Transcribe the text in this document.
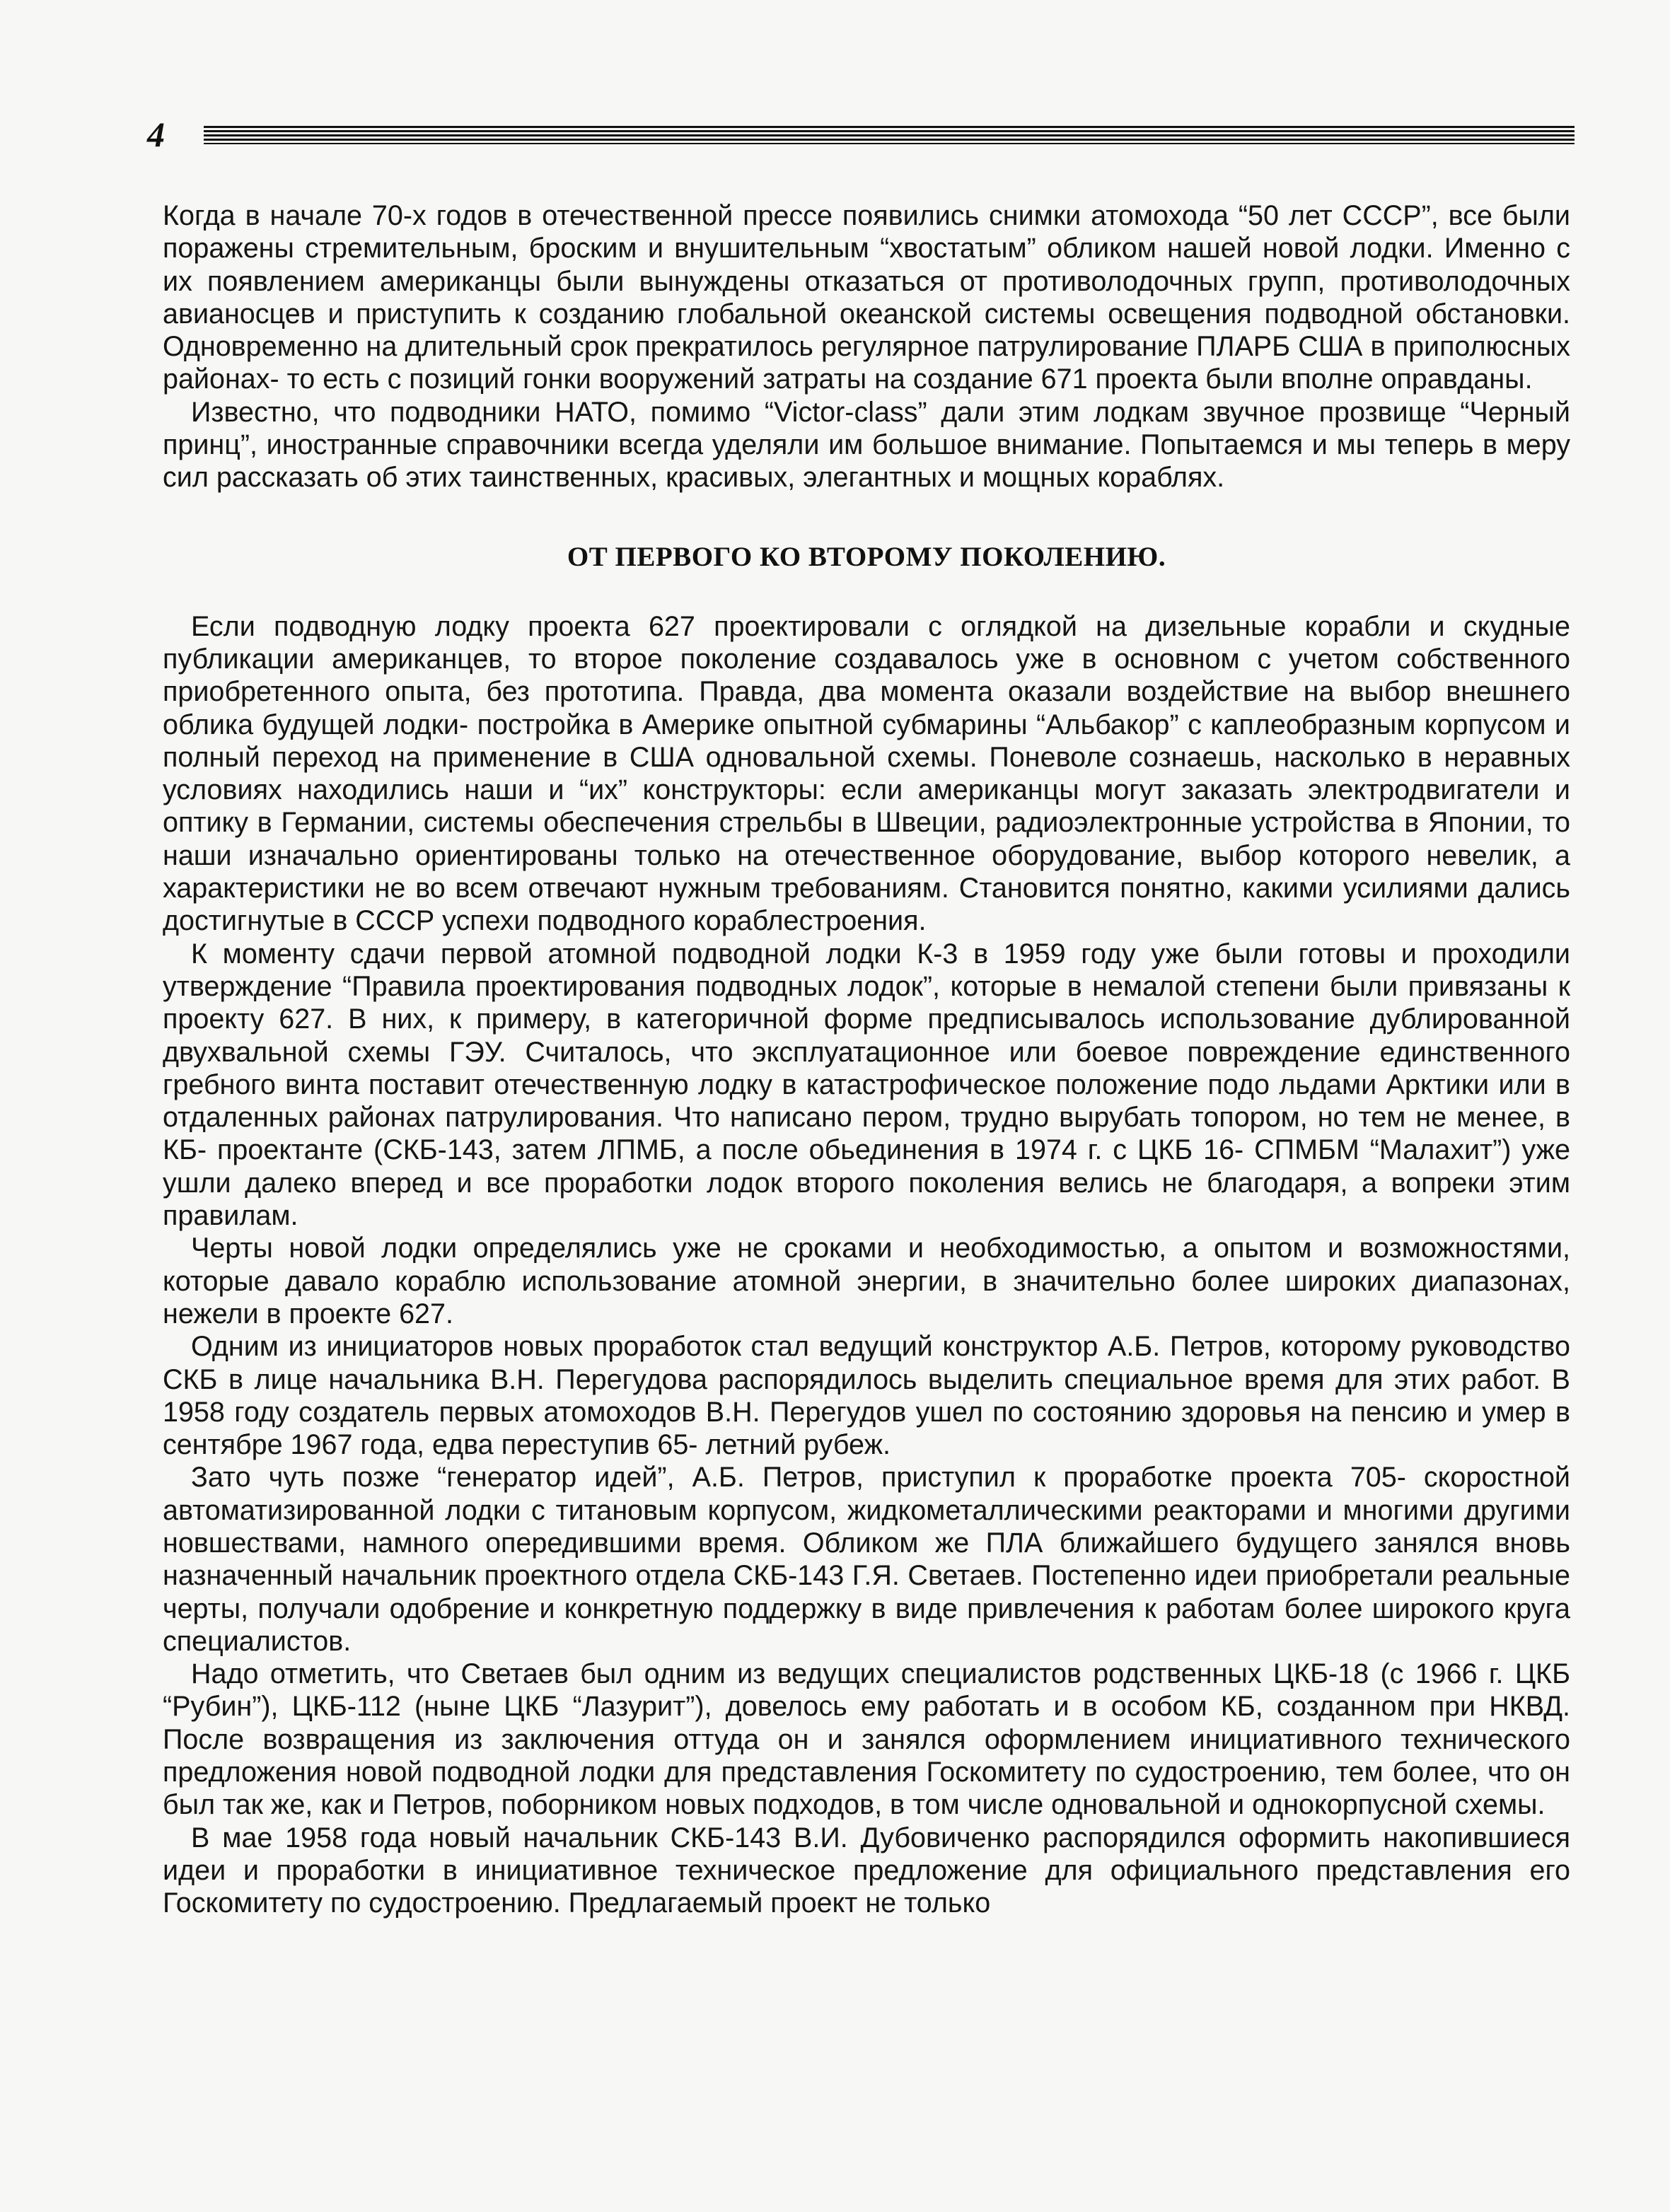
4

Когда в начале 70-х годов в отечественной прессе появились снимки атомохода “50 лет СССР”, все были поражены стремительным, броским и внушительным “хвостатым” обликом нашей новой лодки. Именно с их появлением американцы были вынуждены отказаться от противолодочных групп, противолодочных авианосцев и приступить к созданию глобальной океанской системы освещения подводной обстановки. Одновременно на длительный срок прекратилось регулярное патрулирование ПЛАРБ США в приполюсных районах- то есть с позиций гонки вооружений затраты на создание 671 проекта были вполне оправданы.

Известно, что подводники НАТО, помимо “Victor-class” дали этим лодкам звучное прозвище “Черный принц”, иностранные справочники всегда уделяли им большое внимание. Попытаемся и мы теперь в меру сил рассказать об этих таинственных, красивых, элегантных и мощных кораблях.

ОТ ПЕРВОГО КО ВТОРОМУ ПОКОЛЕНИЮ.

Если подводную лодку проекта 627 проектировали с оглядкой на дизельные корабли и скудные публикации американцев, то второе поколение создавалось уже в основном с учетом собственного приобретенного опыта, без прототипа. Правда, два момента оказали воздействие на выбор внешнего облика будущей лодки- постройка в Америке опытной субмарины “Альбакор” с каплеобразным корпусом и полный переход на применение в США одновальной схемы. Поневоле сознаешь, насколько в неравных условиях находились наши и “их” конструкторы: если американцы могут заказать электродвигатели и оптику в Германии, системы обеспечения стрельбы в Швеции, радиоэлектронные устройства в Японии, то наши изначально ориентированы только на отечественное оборудование, выбор которого невелик, а характеристики не во всем отвечают нужным требованиям. Становится понятно, какими усилиями дались достигнутые в СССР успехи подводного кораблестроения.

К моменту сдачи первой атомной подводной лодки К-3 в 1959 году уже были готовы и проходили утверждение “Правила проектирования подводных лодок”, которые в немалой степени были привязаны к проекту 627. В них, к примеру, в категоричной форме предписывалось использование дублированной двухвальной схемы ГЭУ. Считалось, что эксплуатационное или боевое повреждение единственного гребного винта поставит отечественную лодку в катастрофическое положение подо льдами Арктики или в отдаленных районах патрулирования. Что написано пером, трудно вырубать топором, но тем не менее, в КБ- проектанте (СКБ-143, затем ЛПМБ, а после обьединения в 1974 г. с ЦКБ 16- СПМБМ “Малахит”) уже ушли далеко вперед и все проработки лодок второго поколения велись не благодаря, а вопреки этим правилам.

Черты новой лодки определялись уже не сроками и необходимостью, а опытом и возможностями, которые давало кораблю использование атомной энергии, в значительно более широких диапазонах, нежели в проекте 627.

Одним из инициаторов новых проработок стал ведущий конструктор А.Б. Петров, которому руководство СКБ в лице начальника В.Н. Перегудова распорядилось выделить специальное время для этих работ. В 1958 году создатель первых атомоходов В.Н. Перегудов ушел по состоянию здоровья на пенсию и умер в сентябре 1967 года, едва переступив 65- летний рубеж.

Зато чуть позже “генератор идей”, А.Б. Петров, приступил к проработке проекта 705- скоростной автоматизированной лодки с титановым корпусом, жидкометаллическими реакторами и многими другими новшествами, намного опередившими время. Обликом же ПЛА ближайшего будущего занялся вновь назначенный начальник проектного отдела СКБ-143 Г.Я. Светаев. Постепенно идеи приобретали реальные черты, получали одобрение и конкретную поддержку в виде привлечения к работам более широкого круга специалистов.

Надо отметить, что Светаев был одним из ведущих специалистов родственных ЦКБ-18 (с 1966 г. ЦКБ “Рубин”), ЦКБ-112 (ныне ЦКБ “Лазурит”), довелось ему работать и в особом КБ, созданном при НКВД. После возвращения из заключения оттуда он и занялся оформлением инициативного технического предложения новой подводной лодки для представления Госкомитету по судостроению, тем более, что он был так же, как и Петров, поборником новых подходов, в том числе одновальной и однокорпусной схемы.

В мае 1958 года новый начальник СКБ-143 В.И. Дубовиченко распорядился оформить накопившиеся идеи и проработки в инициативное техническое предложение для официального представления его Госкомитету по судостроению. Предлагаемый проект не только
